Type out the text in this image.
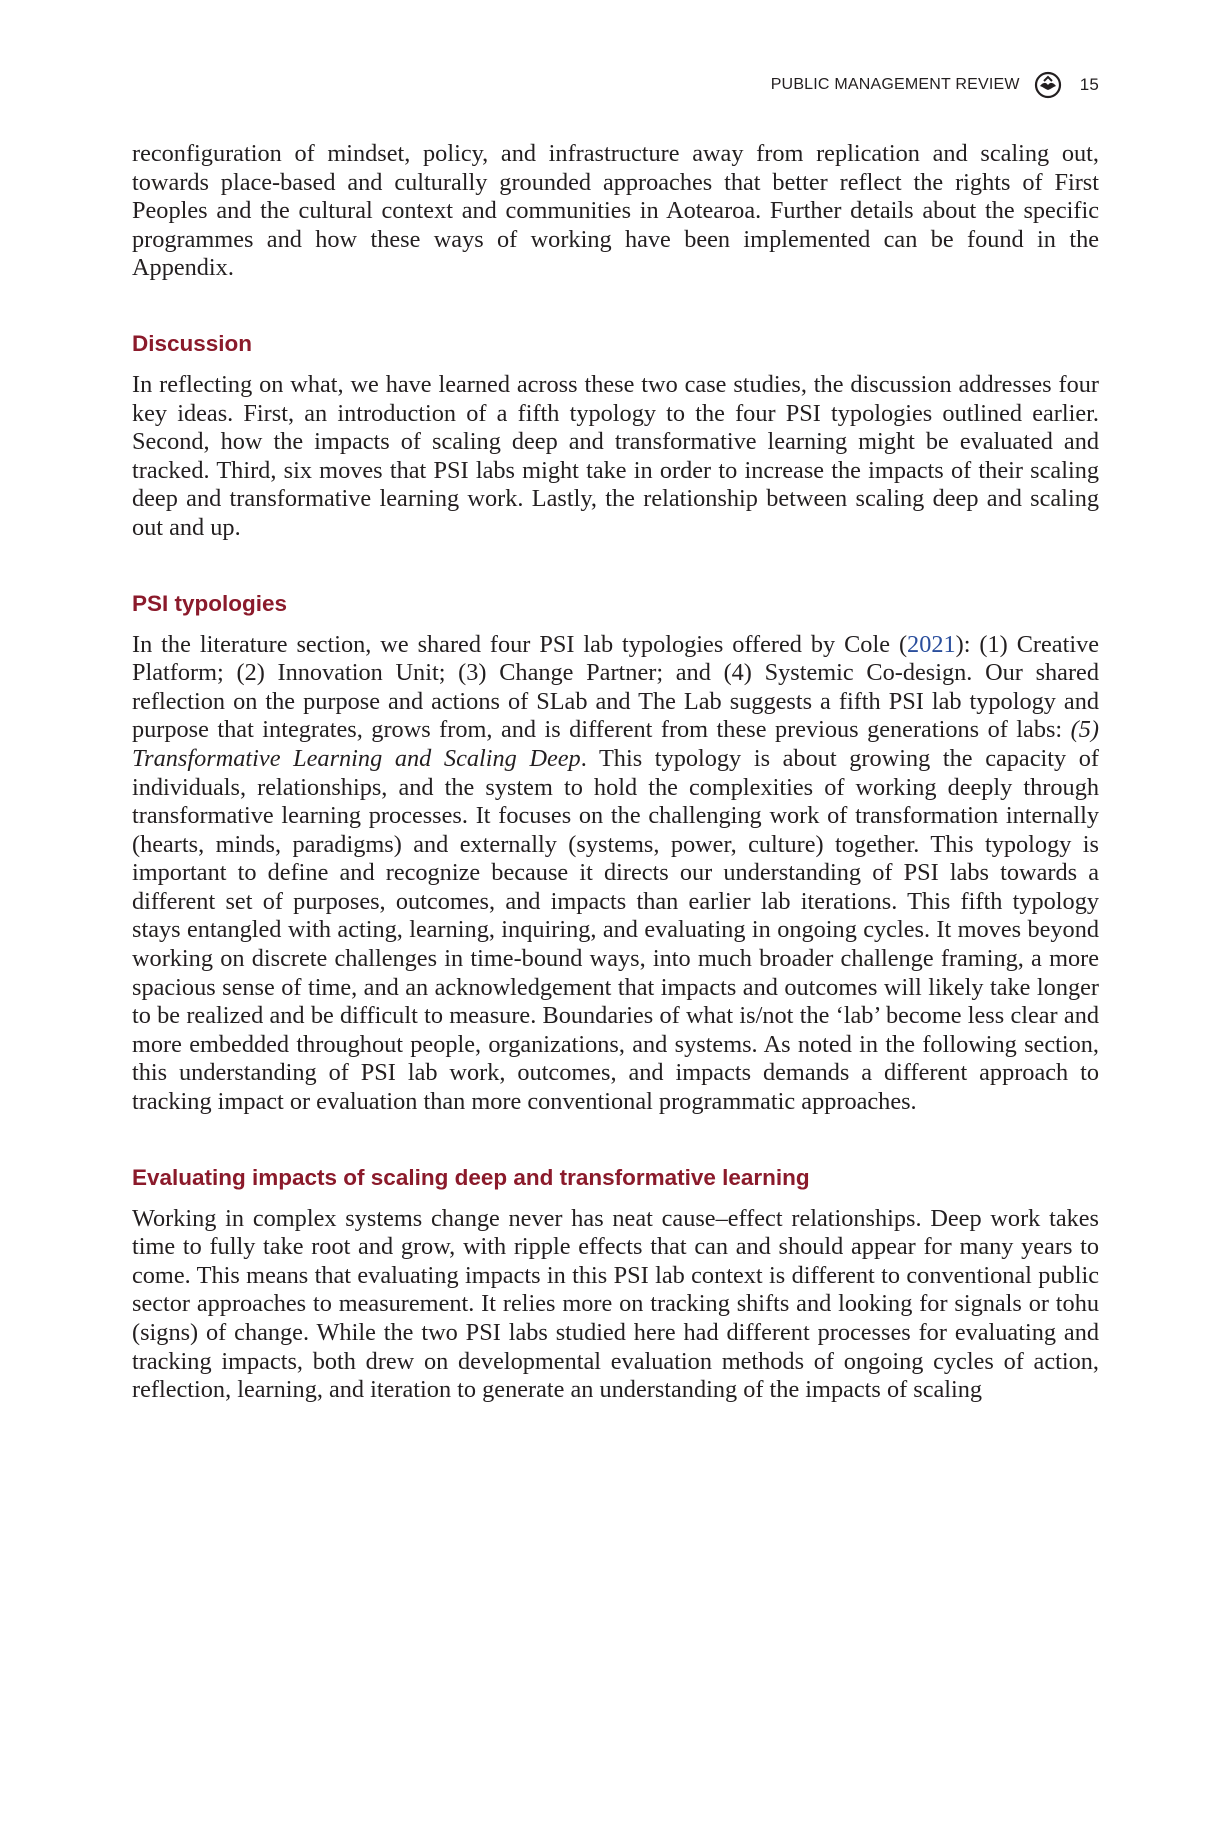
PUBLIC MANAGEMENT REVIEW	15

reconfiguration of mindset, policy, and infrastructure away from replication and scaling out, towards place-based and culturally grounded approaches that better reflect the rights of First Peoples and the cultural context and communities in Aotearoa. Further details about the specific programmes and how these ways of working have been implemented can be found in the Appendix.

Discussion

In reflecting on what, we have learned across these two case studies, the discussion addresses four key ideas. First, an introduction of a fifth typology to the four PSI typologies outlined earlier. Second, how the impacts of scaling deep and transformative learning might be evaluated and tracked. Third, six moves that PSI labs might take in order to increase the impacts of their scaling deep and transformative learning work. Lastly, the relationship between scaling deep and scaling out and up.

PSI typologies

In the literature section, we shared four PSI lab typologies offered by Cole (2021): (1) Creative Platform; (2) Innovation Unit; (3) Change Partner; and (4) Systemic Co-design. Our shared reflection on the purpose and actions of SLab and The Lab suggests a fifth PSI lab typology and purpose that integrates, grows from, and is different from these previous generations of labs: (5) Transformative Learning and Scaling Deep. This typology is about growing the capacity of individuals, relationships, and the system to hold the complexities of working deeply through transformative learning processes. It focuses on the challenging work of transformation internally (hearts, minds, paradigms) and externally (systems, power, culture) together. This typology is important to define and recognize because it directs our understanding of PSI labs towards a different set of purposes, outcomes, and impacts than earlier lab iterations. This fifth typology stays entangled with acting, learning, inquiring, and evaluating in ongoing cycles. It moves beyond working on discrete challenges in time-bound ways, into much broader challenge framing, a more spacious sense of time, and an acknowledgement that impacts and outcomes will likely take longer to be realized and be difficult to measure. Boundaries of what is/not the ‘lab’ become less clear and more embedded throughout people, organizations, and systems. As noted in the following section, this understanding of PSI lab work, outcomes, and impacts demands a different approach to tracking impact or evaluation than more conventional programmatic approaches.

Evaluating impacts of scaling deep and transformative learning

Working in complex systems change never has neat cause–effect relationships. Deep work takes time to fully take root and grow, with ripple effects that can and should appear for many years to come. This means that evaluating impacts in this PSI lab context is different to conventional public sector approaches to measurement. It relies more on tracking shifts and looking for signals or tohu (signs) of change. While the two PSI labs studied here had different processes for evaluating and tracking impacts, both drew on developmental evaluation methods of ongoing cycles of action, reflection, learning, and iteration to generate an understanding of the impacts of scaling
